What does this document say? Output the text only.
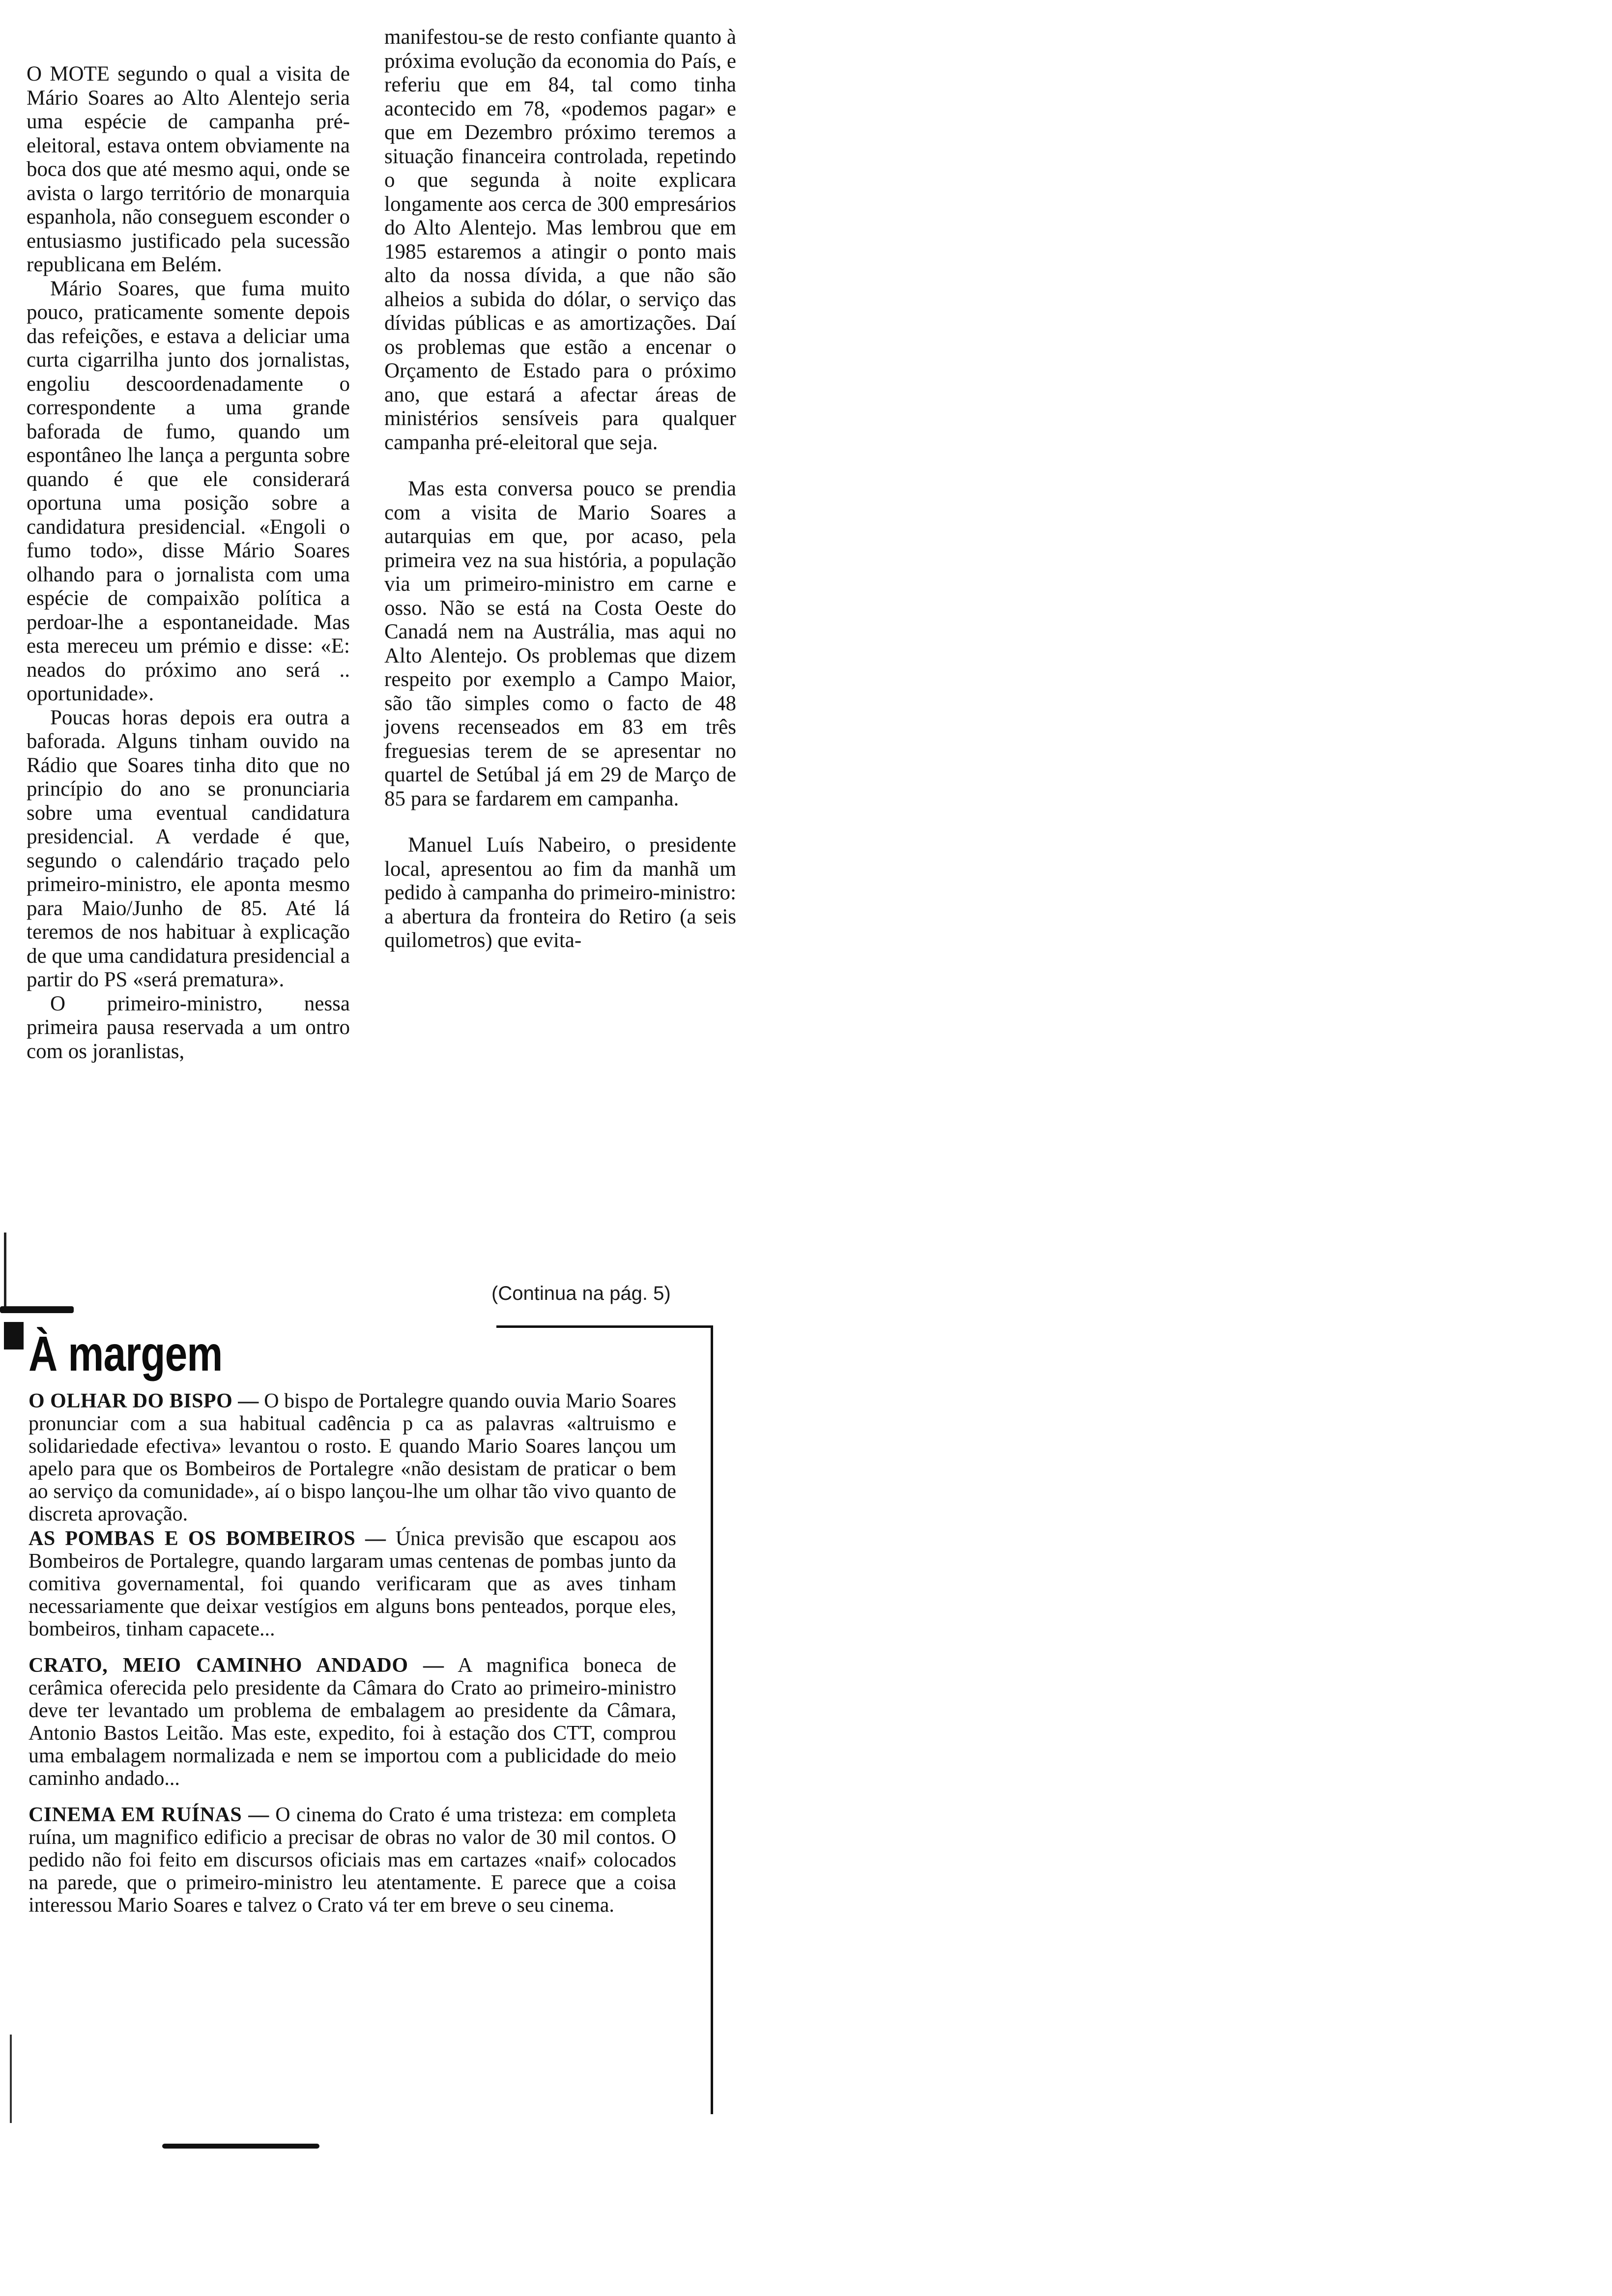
O MOTE segundo o qual a visita de Mário Soares ao Alto Alentejo seria uma espécie de campanha pré-eleitoral, estava ontem obviamente na boca dos que até mesmo aqui, onde se avista o largo território de monarquia espanhola, não conseguem esconder o entusiasmo justificado pela sucessão republicana em Belém.

Mário Soares, que fuma muito pouco, praticamente somente depois das refeições, e estava a deliciar uma curta cigarrilha junto dos jornalistas, engoliu descoordenadamente o correspondente a uma grande baforada de fumo, quando um espontâneo lhe lança a pergunta sobre quando é que ele considerará oportuna uma posição sobre a candidatura presidencial. «Engoli o fumo todo», disse Mário Soares olhando para o jornalista com uma espécie de compaixão política a perdoar-lhe a espontaneidade. Mas esta mereceu um prémio e disse: «E: neados do próximo ano será .. oportunidade».

Poucas horas depois era outra a baforada. Alguns tinham ouvido na Rádio que Soares tinha dito que no princípio do ano se pronunciaria sobre uma eventual candidatura presidencial. A verdade é que, segundo o calendário traçado pelo primeiro-ministro, ele aponta mesmo para Maio/Junho de 85. Até lá teremos de nos habituar à explicação de que uma candidatura presidencial a partir do PS «será prematura».

O primeiro-ministro, nessa primeira pausa reservada a um ontro com os joranlistas,

manifestou-se de resto confiante quanto à próxima evolução da economia do País, e referiu que em 84, tal como tinha acontecido em 78, «podemos pagar» e que em Dezembro próximo teremos a situação financeira controlada, repetindo o que segunda à noite explicara longamente aos cerca de 300 empresários do Alto Alentejo. Mas lembrou que em 1985 estaremos a atingir o ponto mais alto da nossa dívida, a que não são alheios a subida do dólar, o serviço das dívidas públicas e as amortizações. Daí os problemas que estão a encenar o Orçamento de Estado para o próximo ano, que estará a afectar áreas de ministérios sensíveis para qualquer campanha pré-eleitoral que seja.

Mas esta conversa pouco se prendia com a visita de Mario Soares a autarquias em que, por acaso, pela primeira vez na sua história, a população via um primeiro-ministro em carne e osso. Não se está na Costa Oeste do Canadá nem na Austrália, mas aqui no Alto Alentejo. Os problemas que dizem respeito por exemplo a Campo Maior, são tão simples como o facto de 48 jovens recenseados em 83 em três freguesias terem de se apresentar no quartel de Setúbal já em 29 de Março de 85 para se fardarem em campanha.

Manuel Luís Nabeiro, o presidente local, apresentou ao fim da manhã um pedido à campanha do primeiro-ministro: a abertura da fronteira do Retiro (a seis quilometros) que evita-

(Continua na pág. 5)
À margem

O OLHAR DO BISPO — O bispo de Portalegre quando ouvia Mario Soares pronunciar com a sua habitual cadência p ca as palavras «altruismo e solidariedade efectiva» levantou o rosto. E quando Mario Soares lançou um apelo para que os Bombeiros de Portalegre «não desistam de praticar o bem ao serviço da comunidade», aí o bispo lançou-lhe um olhar tão vivo quanto de discreta aprovação.

AS POMBAS E OS BOMBEIROS — Única previsão que escapou aos Bombeiros de Portalegre, quando largaram umas centenas de pombas junto da comitiva governamental, foi quando verificaram que as aves tinham necessariamente que deixar vestígios em alguns bons penteados, porque eles, bombeiros, tinham capacete...

CRATO, MEIO CAMINHO ANDADO — A magnifica boneca de cerâmica oferecida pelo presidente da Câmara do Crato ao primeiro-ministro deve ter levantado um problema de embalagem ao presidente da Câmara, Antonio Bastos Leitão. Mas este, expedito, foi à estação dos CTT, comprou uma embalagem normalizada e nem se importou com a publicidade do meio caminho andado...

CINEMA EM RUÍNAS — O cinema do Crato é uma tristeza: em completa ruína, um magnifico edificio a precisar de obras no valor de 30 mil contos. O pedido não foi feito em discursos oficiais mas em cartazes «naif» colocados na parede, que o primeiro-ministro leu atentamente. E parece que a coisa interessou Mario Soares e talvez o Crato vá ter em breve o seu cinema.
